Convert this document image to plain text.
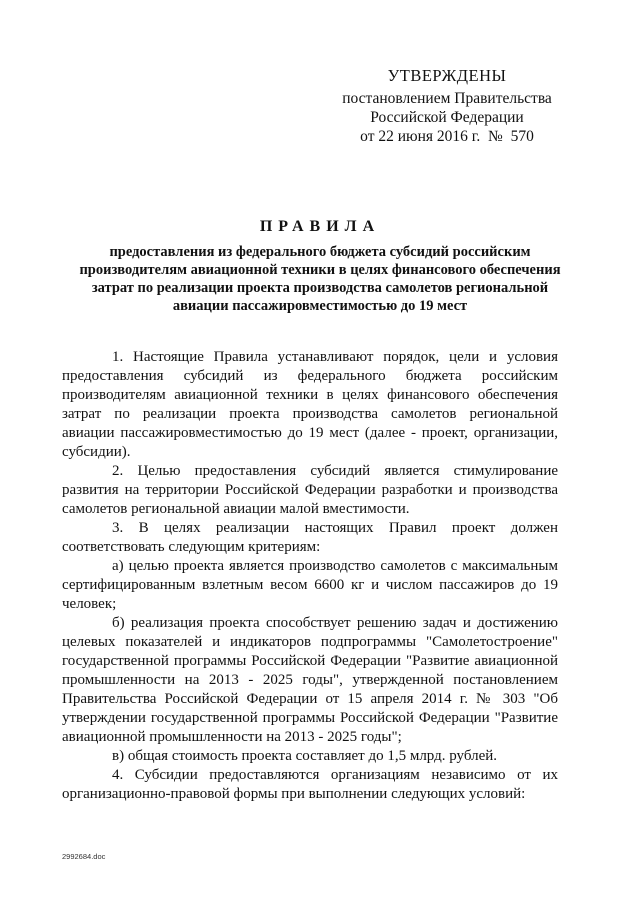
УТВЕРЖДЕНЫ
постановлением Правительства
Российской Федерации
от 22 июня 2016 г.  №  570
ПРАВИЛА
предоставления из федерального бюджета субсидий российским производителям авиационной техники в целях финансового обеспечения затрат по реализации проекта производства самолетов региональной авиации пассажировместимостью до 19 мест

1. Настоящие Правила устанавливают порядок, цели и условия предоставления субсидий из федерального бюджета российским производителям авиационной техники в целях финансового обеспечения затрат по реализации проекта производства самолетов региональной авиации пассажировместимостью до 19 мест (далее - проект, организации, субсидии).

2. Целью предоставления субсидий является стимулирование развития на территории Российской Федерации разработки и производства самолетов региональной авиации малой вместимости.

3. В целях реализации настоящих Правил проект должен соответствовать следующим критериям:

а) целью проекта является производство самолетов с максимальным сертифицированным взлетным весом 6600 кг и числом пассажиров до 19 человек;

б) реализация проекта способствует решению задач и достижению целевых показателей и индикаторов подпрограммы "Самолетостроение" государственной программы Российской Федерации "Развитие авиационной промышленности на 2013 - 2025 годы", утвержденной постановлением Правительства Российской Федерации от 15 апреля 2014 г. № 303 "Об утверждении государственной программы Российской Федерации "Развитие авиационной промышленности на 2013 - 2025 годы";

в) общая стоимость проекта составляет до 1,5 млрд. рублей.

4. Субсидии предоставляются организациям независимо от их организационно-правовой формы при выполнении следующих условий:

2992684.doc
